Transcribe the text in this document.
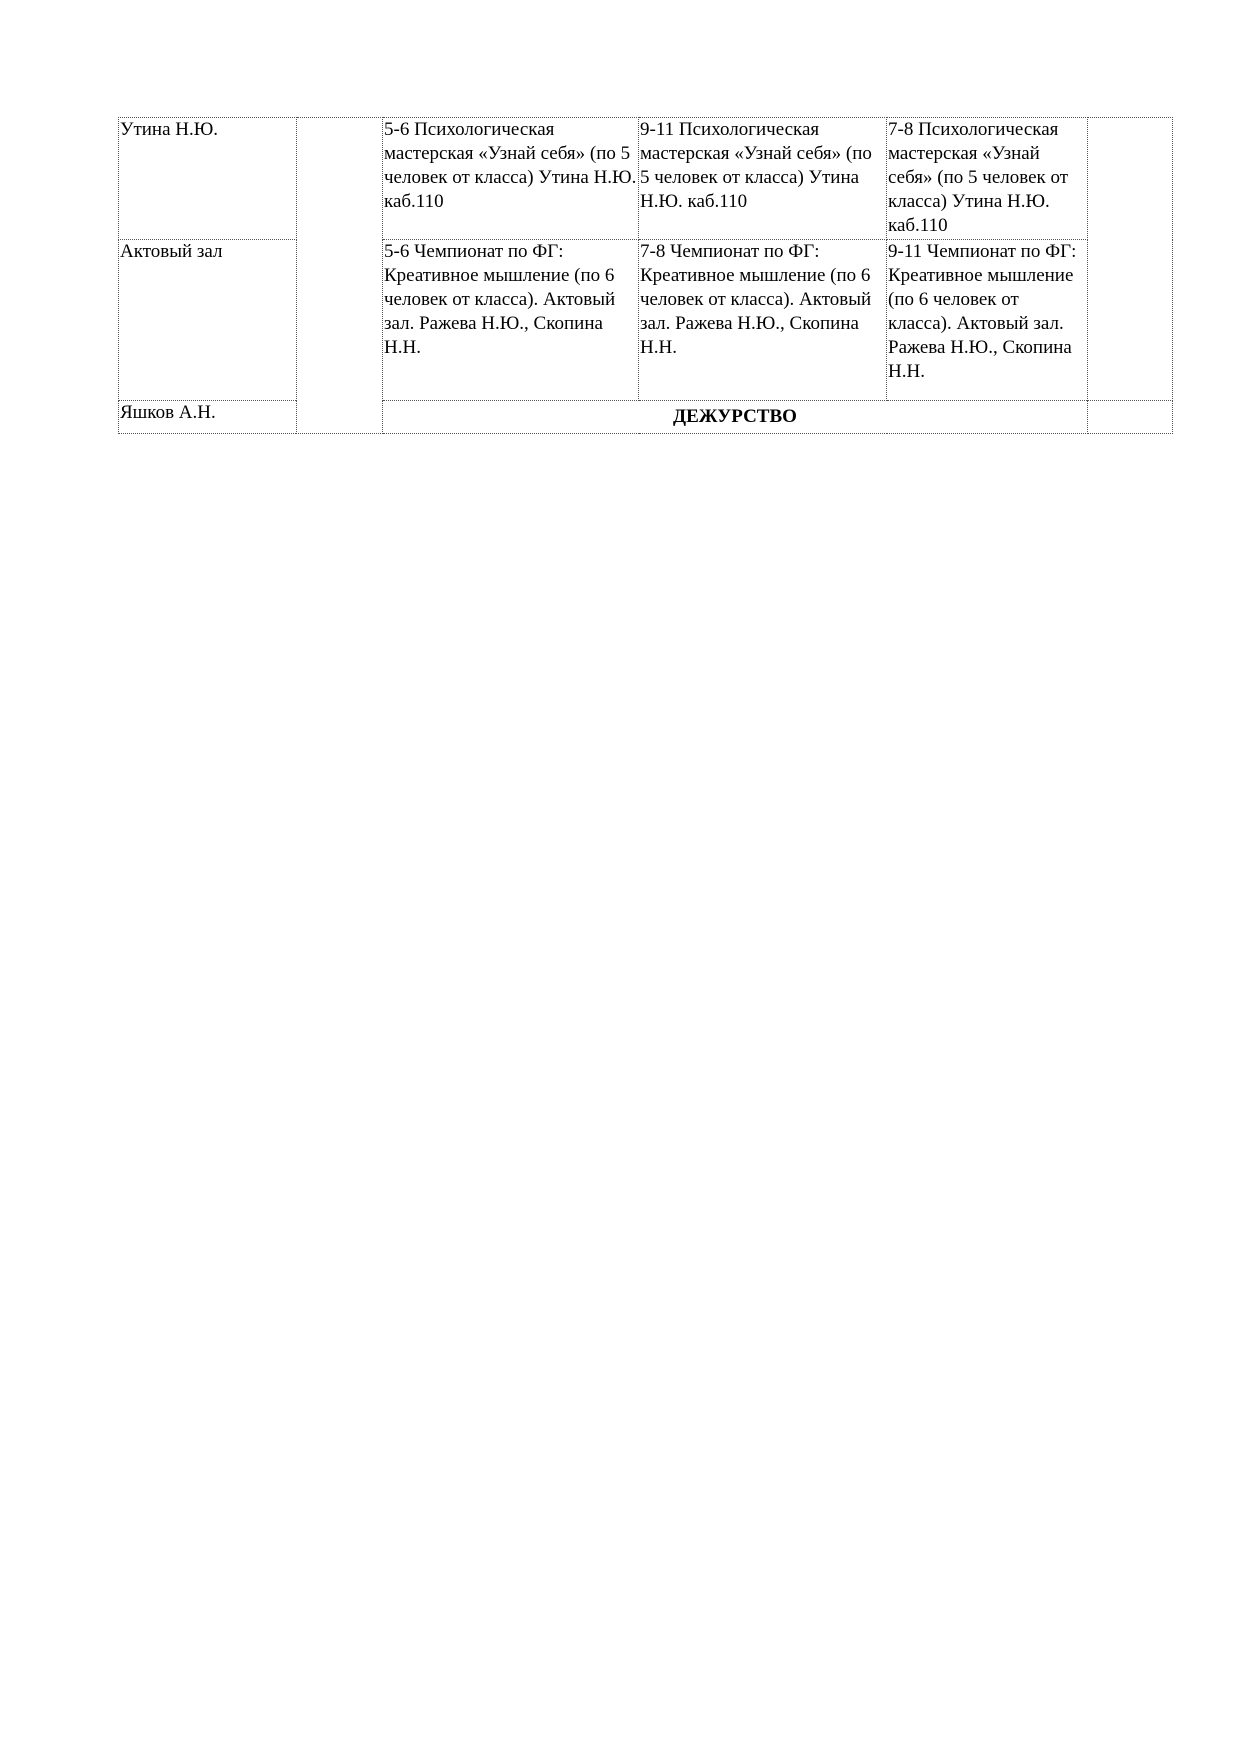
Утина Н.Ю.		5-6 Психологическая мастерская «Узнай себя» (по 5 человек от класса) Утина Н.Ю. каб.110	9-11 Психологическая мастерская «Узнай себя» (по 5 человек от класса) Утина Н.Ю. каб.110	7-8 Психологическая мастерская «Узнай себя» (по 5 человек от класса) Утина Н.Ю. каб.110	
Актовый зал		5-6 Чемпионат по ФГ: Креативное мышление (по 6 человек от класса). Актовый зал. Ражева Н.Ю., Скопина Н.Н.	7-8 Чемпионат по ФГ: Креативное мышление (по 6 человек от класса). Актовый зал. Ражева Н.Ю., Скопина Н.Н.	9-11 Чемпионат по ФГ: Креативное мышление (по 6 человек от класса). Актовый зал. Ражева Н.Ю., Скопина Н.Н.	
Яшков А.Н.		ДЕЖУРСТВО			
